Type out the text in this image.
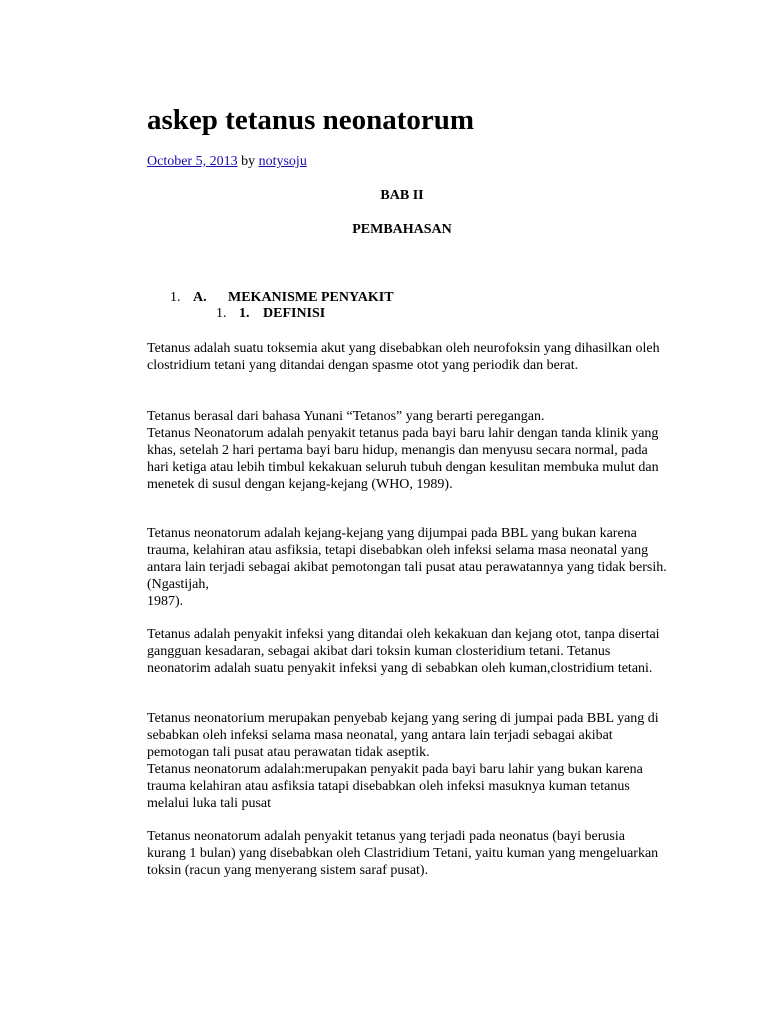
askep tetanus neonatorum
October 5, 2013 by notysoju
BAB II
PEMBAHASAN
1. A. MEKANISME PENYAKIT
1. 1. DEFINISI

Tetanus adalah suatu toksemia akut yang disebabkan oleh neurofoksin yang dihasilkan oleh clostridium tetani yang ditandai dengan spasme otot yang periodik dan berat.

Tetanus berasal dari bahasa Yunani “Tetanos” yang berarti peregangan.

Tetanus Neonatorum adalah penyakit tetanus pada bayi baru lahir dengan tanda klinik yang khas, setelah 2 hari pertama bayi baru hidup, menangis dan menyusu secara normal, pada hari ketiga atau lebih timbul kekakuan seluruh tubuh dengan kesulitan membuka mulut dan menetek di susul dengan kejang-kejang (WHO, 1989).

Tetanus neonatorum adalah kejang-kejang yang dijumpai pada BBL yang bukan karena trauma, kelahiran atau asfiksia, tetapi disebabkan oleh infeksi selama masa neonatal yang antara lain terjadi sebagai akibat pemotongan tali pusat atau perawatannya yang tidak bersih. (Ngastijah,

1987).

Tetanus adalah penyakit infeksi yang ditandai oleh kekakuan dan kejang otot, tanpa disertai gangguan kesadaran, sebagai akibat dari toksin kuman closteridium tetani. Tetanus neonatorim adalah suatu penyakit infeksi yang di sebabkan oleh kuman,clostridium tetani.

Tetanus neonatorium merupakan penyebab kejang yang sering di jumpai pada BBL yang di sebabkan oleh infeksi selama masa neonatal, yang antara lain terjadi sebagai akibat pemotogan tali pusat atau perawatan tidak aseptik.

Tetanus neonatorum adalah:merupakan penyakit pada bayi baru lahir yang bukan karena trauma kelahiran atau asfiksia tatapi disebabkan oleh infeksi masuknya kuman tetanus melalui luka tali pusat

Tetanus neonatorum adalah penyakit tetanus yang terjadi pada neonatus (bayi berusia kurang 1 bulan) yang disebabkan oleh Clastridium Tetani, yaitu kuman yang mengeluarkan toksin (racun yang menyerang sistem saraf pusat).
